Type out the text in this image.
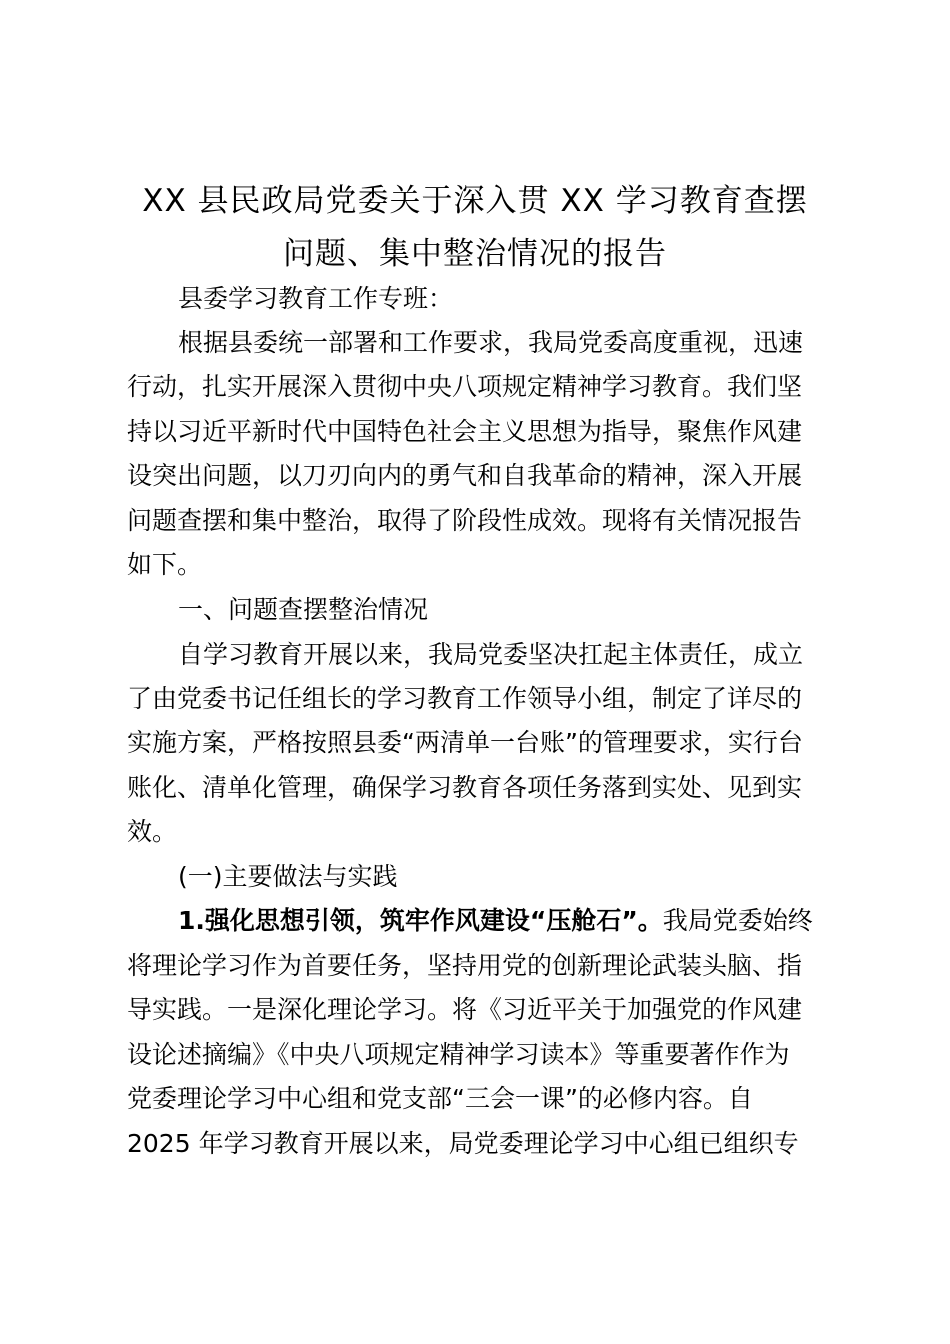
XX 县民政局党委关于深入贯 XX 学习教育查摆
问题、集中整治情况的报告
县委学习教育工作专班：
根据县委统一部署和工作要求，我局党委高度重视，迅速
行动，扎实开展深入贯彻中央八项规定精神学习教育。我们坚
持以习近平新时代中国特色社会主义思想为指导，聚焦作风建
设突出问题，以刀刃向内的勇气和自我革命的精神，深入开展
问题查摆和集中整治，取得了阶段性成效。现将有关情况报告
如下。
一、问题查摆整治情况
自学习教育开展以来，我局党委坚决扛起主体责任，成立
了由党委书记任组长的学习教育工作领导小组，制定了详尽的
实施方案，严格按照县委“两清单一台账”的管理要求，实行台
账化、清单化管理，确保学习教育各项任务落到实处、见到实
效。
(一)主要做法与实践
1.强化思想引领，筑牢作风建设“压舱石”。我局党委始终
将理论学习作为首要任务，坚持用党的创新理论武装头脑、指
导实践。一是深化理论学习。将《习近平关于加强党的作风建
设论述摘编》《中央八项规定精神学习读本》等重要著作作为
党委理论学习中心组和党支部“三会一课”的必修内容。自
2025 年学习教育开展以来，局党委理论学习中心组已组织专
